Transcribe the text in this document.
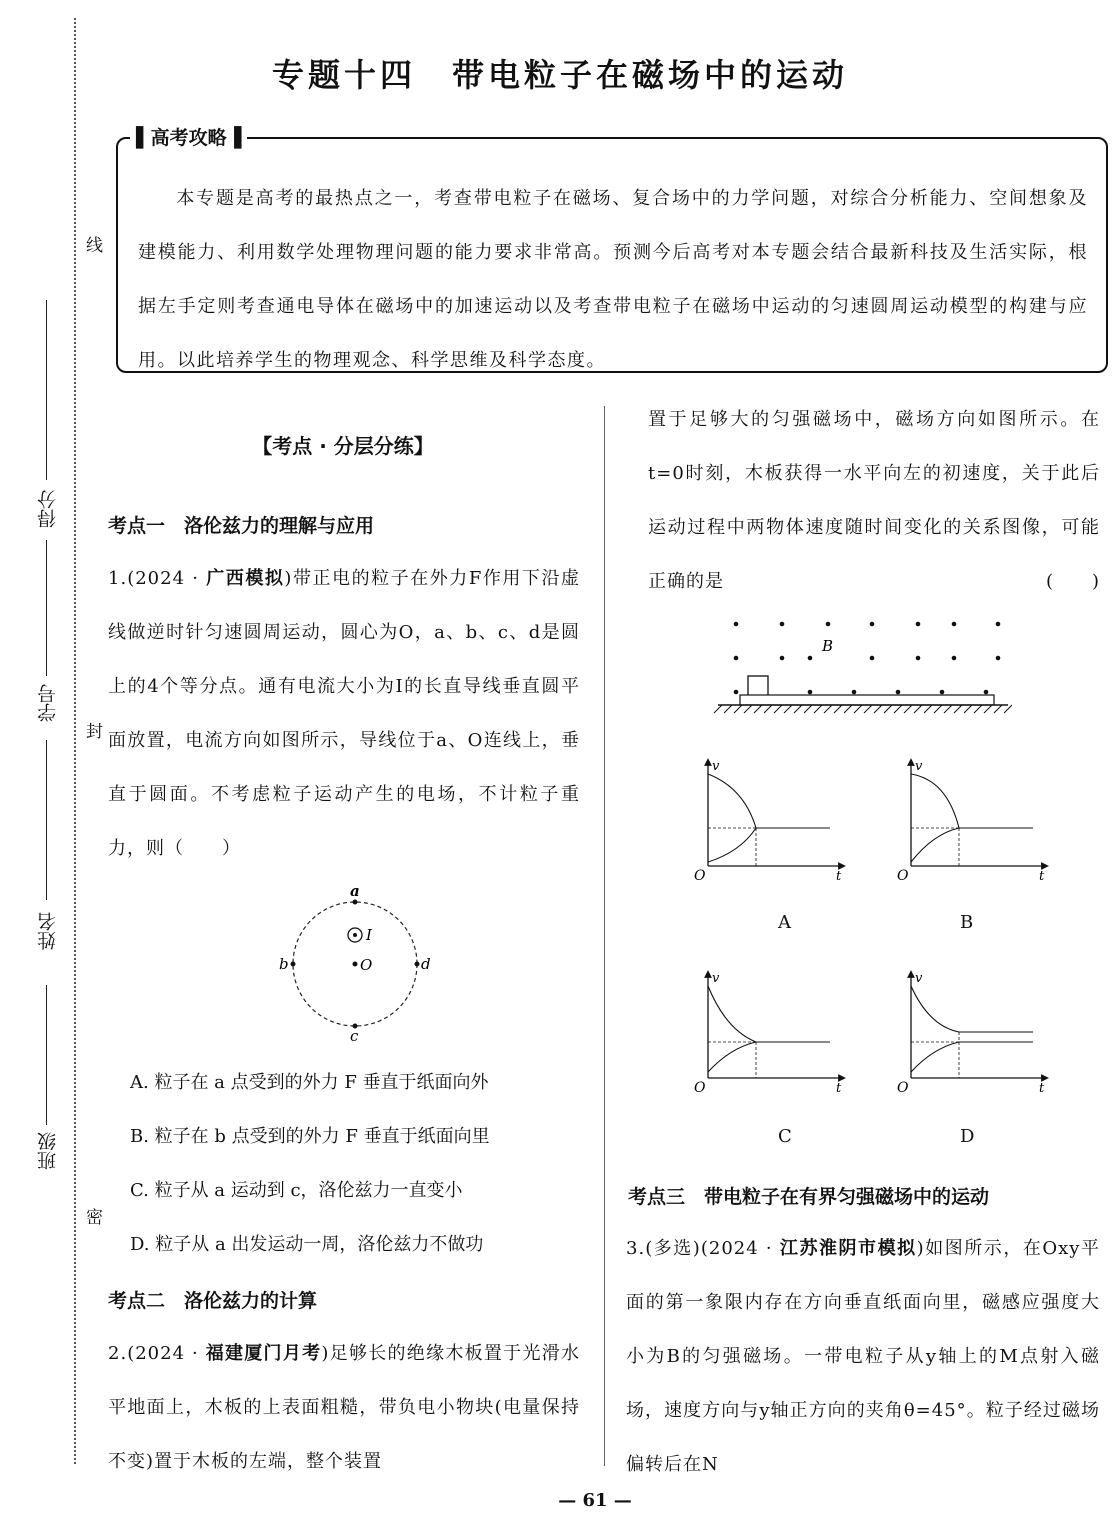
线
封
密
得分
学号
姓名
班级
专题十四　带电粒子在磁场中的运动
▌高考攻略▐
本专题是高考的最热点之一，考查带电粒子在磁场、复合场中的力学问题，对综合分析能力、空间想象及建模能力、利用数学处理物理问题的能力要求非常高。预测今后高考对本专题会结合最新科技及生活实际，根据左手定则考查通电导体在磁场中的加速运动以及考查带电粒子在磁场中运动的匀速圆周运动模型的构建与应用。以此培养学生的物理观念、科学思维及科学态度。
【考点 · 分层分练】
考点一　洛伦兹力的理解与应用
1.(2024 · 广西模拟)带正电的粒子在外力F作用下沿虚线做逆时针匀速圆周运动，圆心为O，a、b、c、d是圆上的4个等分点。通有电流大小为I的长直导线垂直圆平面放置，电流方向如图所示，导线位于a、O连线上，垂直于圆面。不考虑粒子运动产生的电场，不计粒子重力，则（　　）
a
c
b	d
O
I
A. 粒子在 a 点受到的外力 F 垂直于纸面向外
B. 粒子在 b 点受到的外力 F 垂直于纸面向里
C. 粒子从 a 运动到 c，洛伦兹力一直变小
D. 粒子从 a 出发运动一周，洛伦兹力不做功
考点二　洛伦兹力的计算
2.(2024 · 福建厦门月考)足够长的绝缘木板置于光滑水平地面上，木板的上表面粗糙，带负电小物块(电量保持不变)置于木板的左端，整个装置
置于足够大的匀强磁场中，磁场方向如图所示。在t=0时刻，木板获得一水平向左的初速度，关于此后运动过程中两物体速度随时间变化的关系图像，可能正确的是	(　　)
B
v
t
O
A
v
t
O
B
v
t
O
C
v
t
O
D
考点三　带电粒子在有界匀强磁场中的运动
3.(多选)(2024 · 江苏淮阴市模拟)如图所示，在Oxy平面的第一象限内存在方向垂直纸面向里，磁感应强度大小为B的匀强磁场。一带电粒子从y轴上的M点射入磁场，速度方向与y轴正方向的夹角θ=45°。粒子经过磁场偏转后在N
— 61 —
